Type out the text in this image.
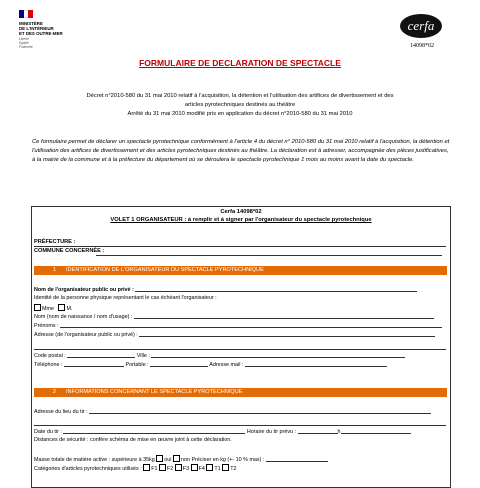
MINISTÈRE
DE L'INTÉRIEUR
ET DES OUTRE-MER
Liberté
Égalité
Fraternité
cerfa
14098*02
FORMULAIRE DE DECLARATION DE SPECTACLE
Décret n°2010-580 du 31 mai 2010 relatif à l'acquisition, la détention et l'utilisation des artifices de divertissement et des
articles pyrotechniques destinés au théâtre
Arrêté du 31 mai 2010 modifié pris en application du décret n°2010-580 du 31 mai 2010
Ce formulaire permet de déclarer un spectacle pyrotechnique conformément à l'article 4 du décret n° 2010-580 du 31 mai 2010 relatif à l'acquisition, la détention et l'utilisation des artifices de divertissement et des articles pyrotechniques destinés au théâtre. La déclaration est à adresser, accompagnée des pièces justificatives, à la mairie de la commune et à la préfecture du département où se déroulera le spectacle pyrotechnique 1 mois au moins avant la date du spectacle.
Cerfa 14098*02
VOLET 1 ORGANISATEUR : à remplir et à signer par l'organisateur du spectacle pyrotechnique
PRÉFECTURE :
COMMUNE CONCERNÉE :
1 IDENTIFICATION DE L'ORGANISATEUR DU SPECTACLE PYROTECHNIQUE
Nom de l'organisateur public ou privé :
Identité de la personne physique représentant le cas échéant l'organisateur :
Mme M.
Nom (nom de naissance / nom d'usage) :
Prénoms :
Adresse (de l'organisateur public ou privé) :
Code postal :	Ville :
Téléphone :	Portable :	Adresse mail :
2 INFORMATIONS CONCERNANT LE SPECTACLE PYROTECHNIQUE
Adresse du lieu du tir :
Date du tir :	Horaire du tir prévu :	h
Distances de sécurité : confère schéma de mise en œuvre joint à cette déclaration.
Masse totale de matière active : supérieure à 35kg oui non Préciser en kg (+- 10 % max) :
Catégories d'articles pyrotechniques utilisés : F1 F2 F3 F4 T1 T2
